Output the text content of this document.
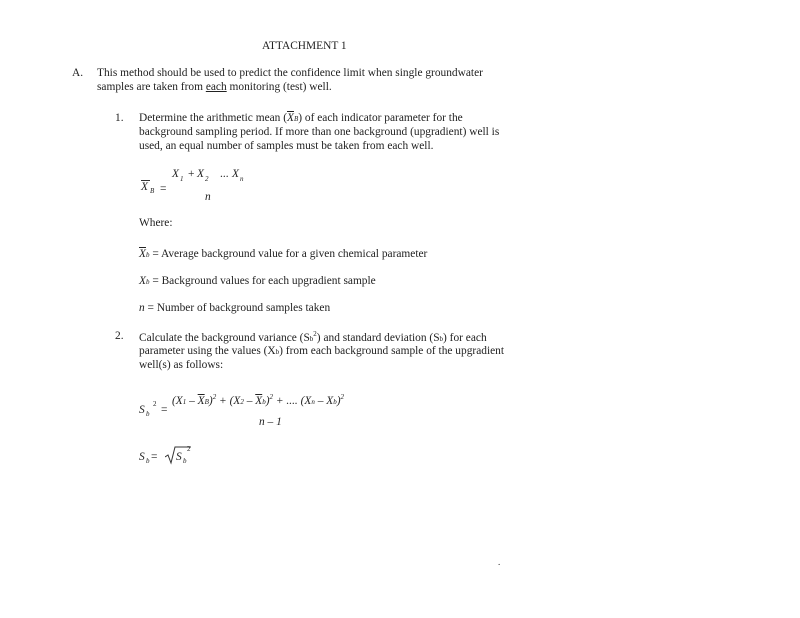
ATTACHMENT 1
A. This method should be used to predict the confidence limit when single groundwater
samples are taken from each monitoring (test) well.
1. Determine the arithmetic mean $(\overline{X}B)$ of each indicator parameter for the
background sampling period. If more than one background (upgradient) well is
used, an equal number of samples must be taken from each well.
X B =
X 1 + X 2 ... X n
n
Where:
$\overline{X}b$ = Average background value for a given chemical parameter
Xb = Background values for each upgradient sample
n = Number of background samples taken
2. Calculate the background variance (Sb$^2$) and standard deviation (Sb) for each
parameter using the values (Xb) from each background sample of the upgradient
well(s) as follows:
S b
2 =
$(X1 - \overline{X}B)^2 + (X2 - \overline{X}b)^2$ + .... (Xn – Xb)$^2$
n – 1
S b = S b
2
.
